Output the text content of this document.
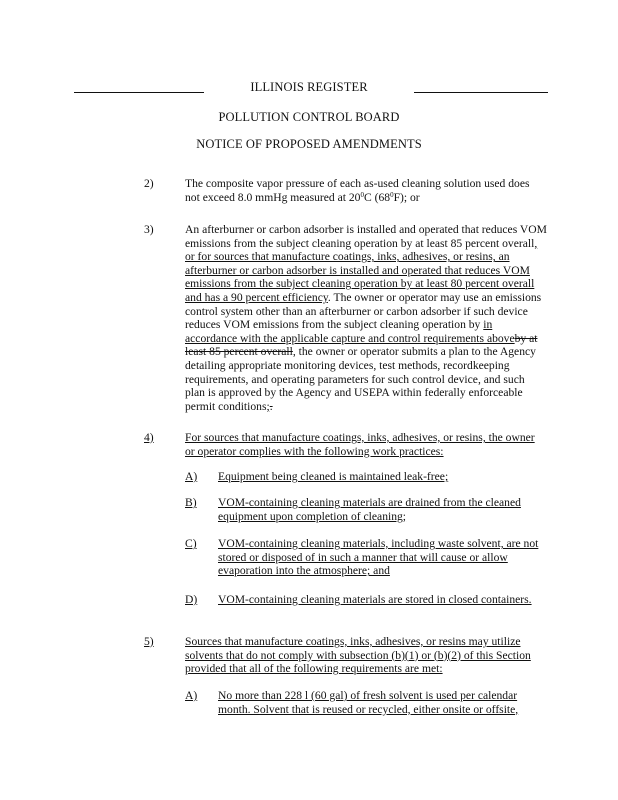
ILLINOIS REGISTER
POLLUTION CONTROL BOARD
NOTICE OF PROPOSED AMENDMENTS
2)	The composite vapor pressure of each as-used cleaning solution used does not exceed 8.0 mmHg measured at $20^0C$ $(68^0F)$; or
3)	An afterburner or carbon adsorber is installed and operated that reduces VOM emissions from the subject cleaning operation by at least 85 percent overall, or for sources that manufacture coatings, inks, adhesives, or resins, an afterburner or carbon adsorber is installed and operated that reduces VOM emissions from the subject cleaning operation by at least 80 percent overall and has a 90 percent efficiency. The owner or operator may use an emissions control system other than an afterburner or carbon adsorber if such device reduces VOM emissions from the subject cleaning operation by in accordance with the applicable capture and control requirements aboveby at least 85 percent overall, the owner or operator submits a plan to the Agency detailing appropriate monitoring devices, test methods, recordkeeping requirements, and operating parameters for such control device, and such plan is approved by the Agency and USEPA within federally enforceable permit conditions;.
4)	For sources that manufacture coatings, inks, adhesives, or resins, the owner or operator complies with the following work practices:
A) Equipment being cleaned is maintained leak-free;
B) VOM-containing cleaning materials are drained from the cleaned equipment upon completion of cleaning;
C) VOM-containing cleaning materials, including waste solvent, are not stored or disposed of in such a manner that will cause or allow evaporation into the atmosphere; and
D) VOM-containing cleaning materials are stored in closed containers.
5)	Sources that manufacture coatings, inks, adhesives, or resins may utilize solvents that do not comply with subsection (b)(1) or (b)(2) of this Section provided that all of the following requirements are met:
A) No more than 228 l (60 gal) of fresh solvent is used per calendar month. Solvent that is reused or recycled, either onsite or offsite,
